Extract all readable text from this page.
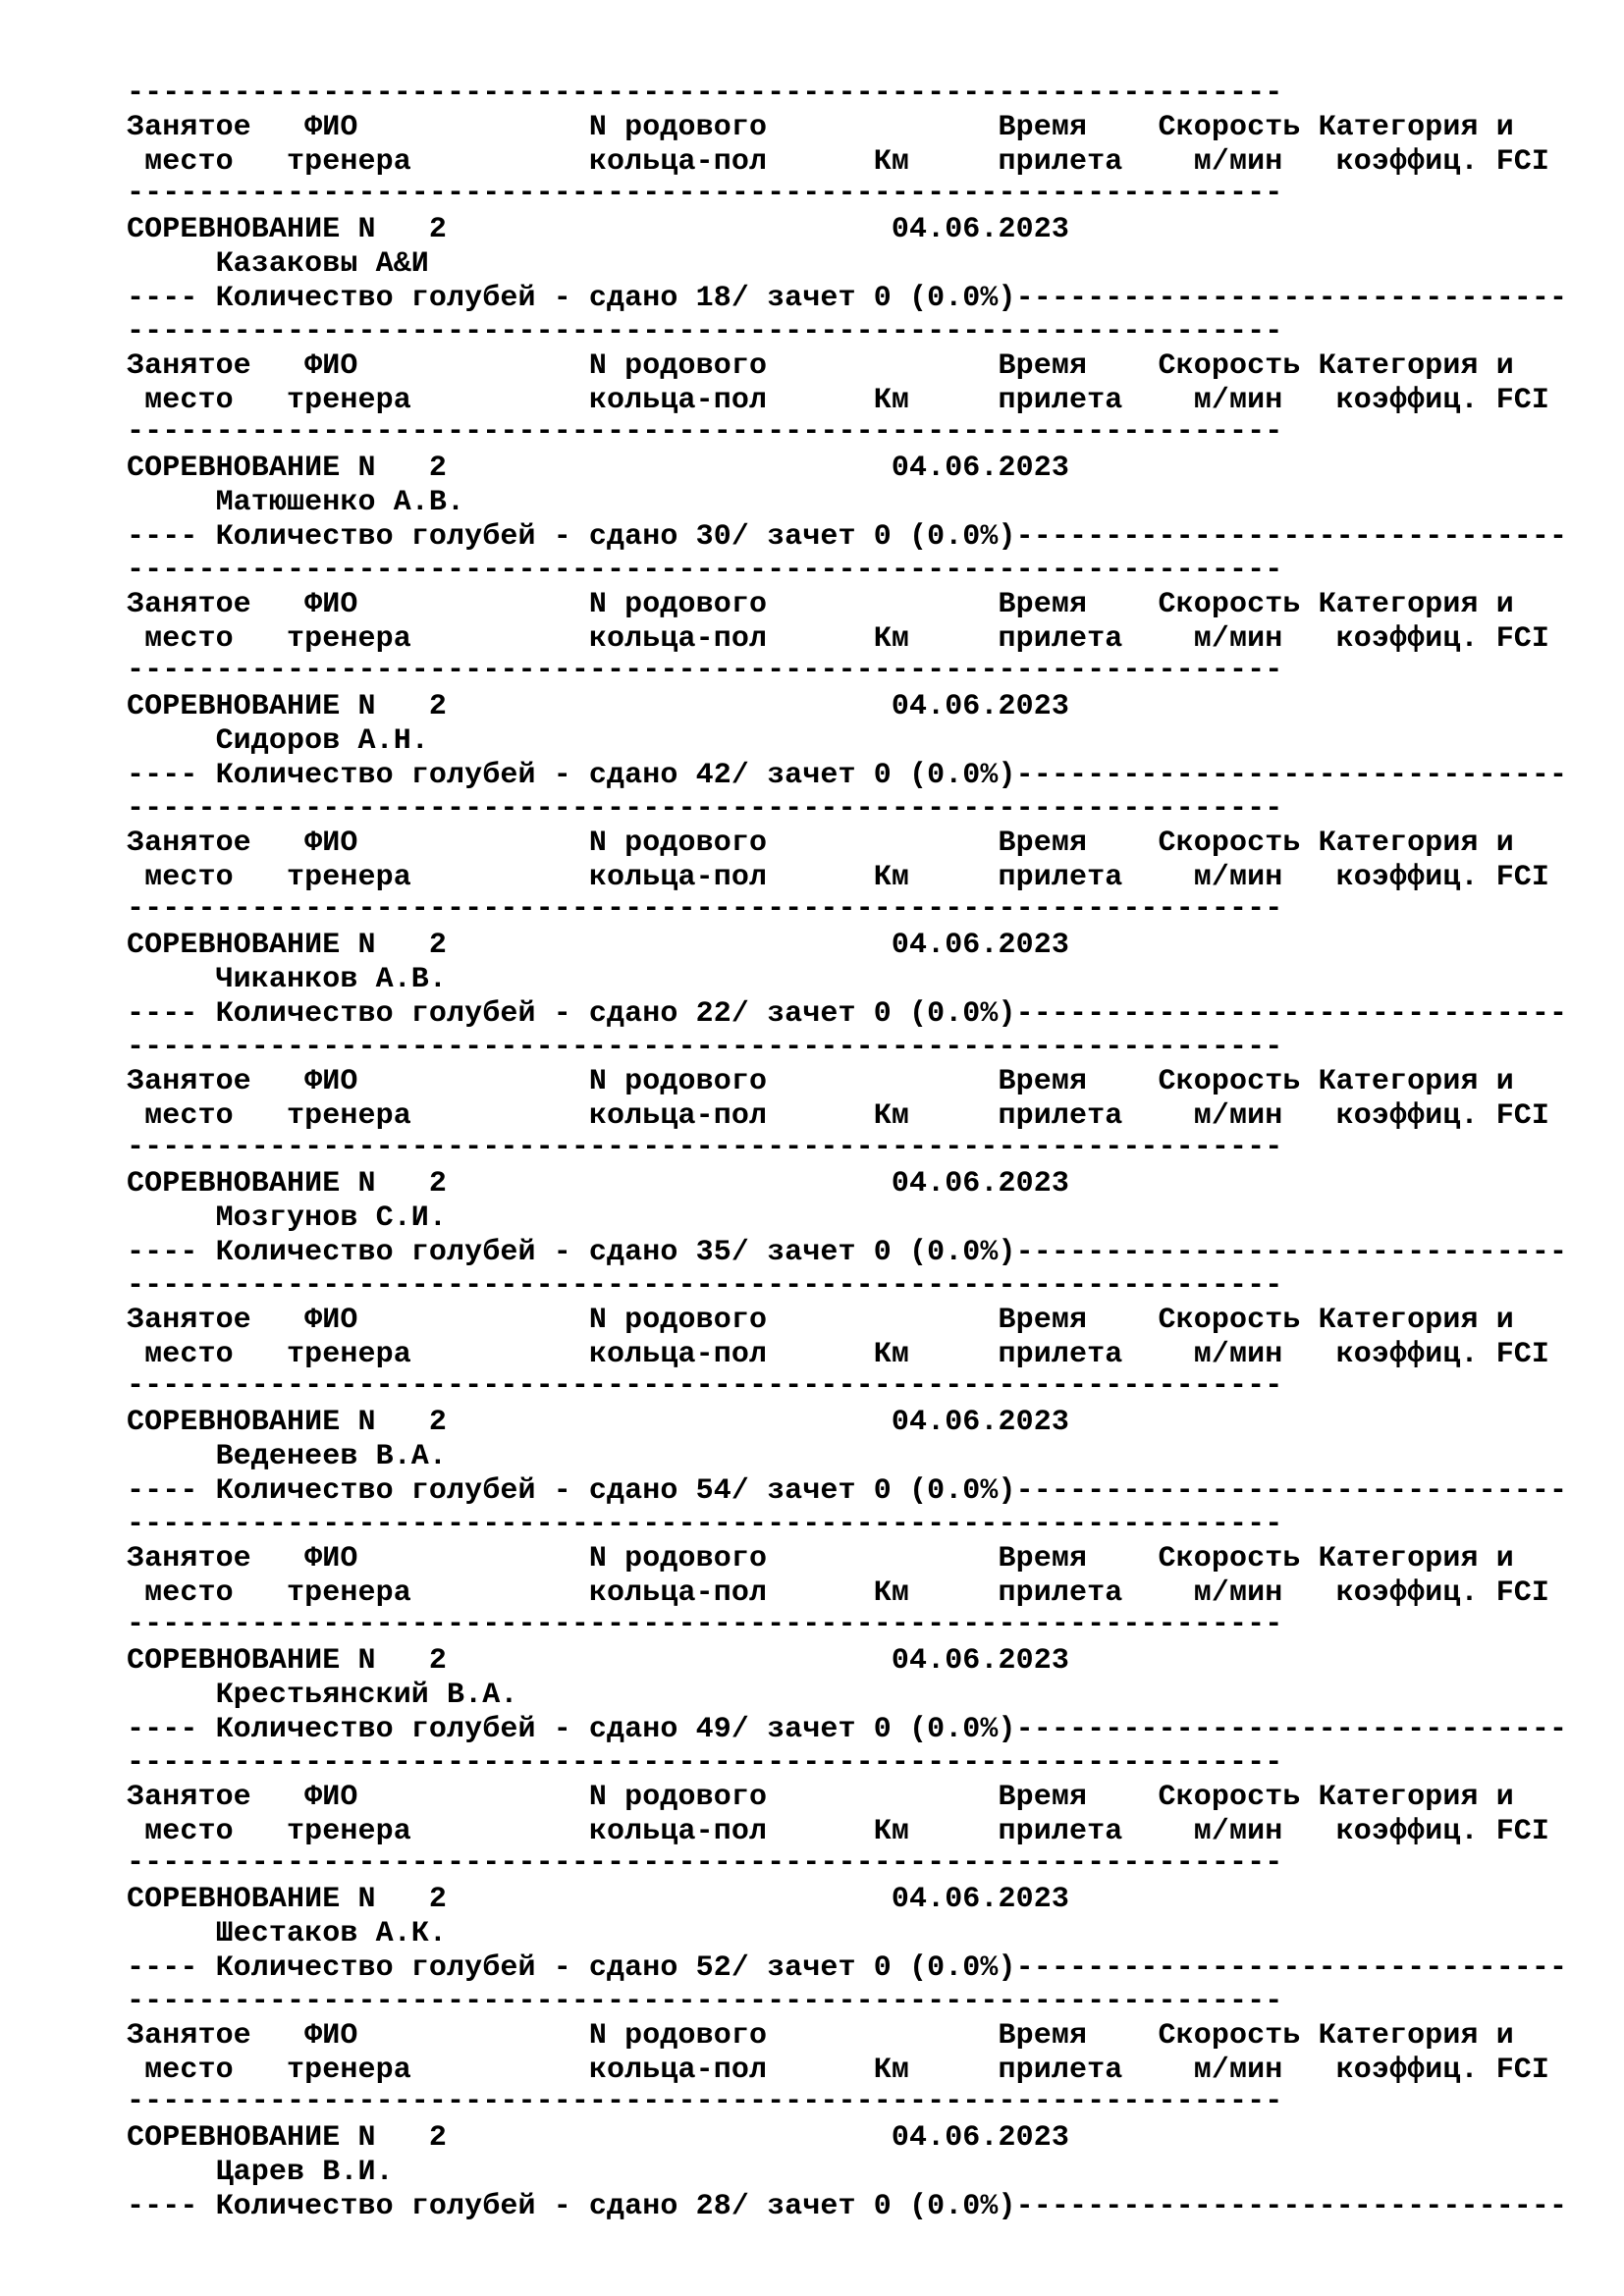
-----------------------------------------------------------------
Занятое   ФИО             N родового             Время    Скорость Категория и
место   тренера          кольца-пол      Км     прилета    м/мин   коэффиц. FCI
-----------------------------------------------------------------
СОРЕВНОВАНИЕ N   2                         04.06.2023
Казаковы A&И
---- Количество голубей - сдано 18/ зачет 0 (0.0%)-------------------------------
-----------------------------------------------------------------
Занятое   ФИО             N родового             Время    Скорость Категория и
место   тренера          кольца-пол      Км     прилета    м/мин   коэффиц. FCI
-----------------------------------------------------------------
СОРЕВНОВАНИЕ N   2                         04.06.2023
Матюшенко А.В.
---- Количество голубей - сдано 30/ зачет 0 (0.0%)-------------------------------
-----------------------------------------------------------------
Занятое   ФИО             N родового             Время    Скорость Категория и
место   тренера          кольца-пол      Км     прилета    м/мин   коэффиц. FCI
-----------------------------------------------------------------
СОРЕВНОВАНИЕ N   2                         04.06.2023
Сидоров А.Н.
---- Количество голубей - сдано 42/ зачет 0 (0.0%)-------------------------------
-----------------------------------------------------------------
Занятое   ФИО             N родового             Время    Скорость Категория и
место   тренера          кольца-пол      Км     прилета    м/мин   коэффиц. FCI
-----------------------------------------------------------------
СОРЕВНОВАНИЕ N   2                         04.06.2023
Чиканков А.В.
---- Количество голубей - сдано 22/ зачет 0 (0.0%)-------------------------------
-----------------------------------------------------------------
Занятое   ФИО             N родового             Время    Скорость Категория и
место   тренера          кольца-пол      Км     прилета    м/мин   коэффиц. FCI
-----------------------------------------------------------------
СОРЕВНОВАНИЕ N   2                         04.06.2023
Мозгунов С.И.
---- Количество голубей - сдано 35/ зачет 0 (0.0%)-------------------------------
-----------------------------------------------------------------
Занятое   ФИО             N родового             Время    Скорость Категория и
место   тренера          кольца-пол      Км     прилета    м/мин   коэффиц. FCI
-----------------------------------------------------------------
СОРЕВНОВАНИЕ N   2                         04.06.2023
Веденеев В.А.
---- Количество голубей - сдано 54/ зачет 0 (0.0%)-------------------------------
-----------------------------------------------------------------
Занятое   ФИО             N родового             Время    Скорость Категория и
место   тренера          кольца-пол      Км     прилета    м/мин   коэффиц. FCI
-----------------------------------------------------------------
СОРЕВНОВАНИЕ N   2                         04.06.2023
Крестьянский В.А.
---- Количество голубей - сдано 49/ зачет 0 (0.0%)-------------------------------
-----------------------------------------------------------------
Занятое   ФИО             N родового             Время    Скорость Категория и
место   тренера          кольца-пол      Км     прилета    м/мин   коэффиц. FCI
-----------------------------------------------------------------
СОРЕВНОВАНИЕ N   2                         04.06.2023
Шестаков А.К.
---- Количество голубей - сдано 52/ зачет 0 (0.0%)-------------------------------
-----------------------------------------------------------------
Занятое   ФИО             N родового             Время    Скорость Категория и
место   тренера          кольца-пол      Км     прилета    м/мин   коэффиц. FCI
-----------------------------------------------------------------
СОРЕВНОВАНИЕ N   2                         04.06.2023
Царев В.И.
---- Количество голубей - сдано 28/ зачет 0 (0.0%)-------------------------------
